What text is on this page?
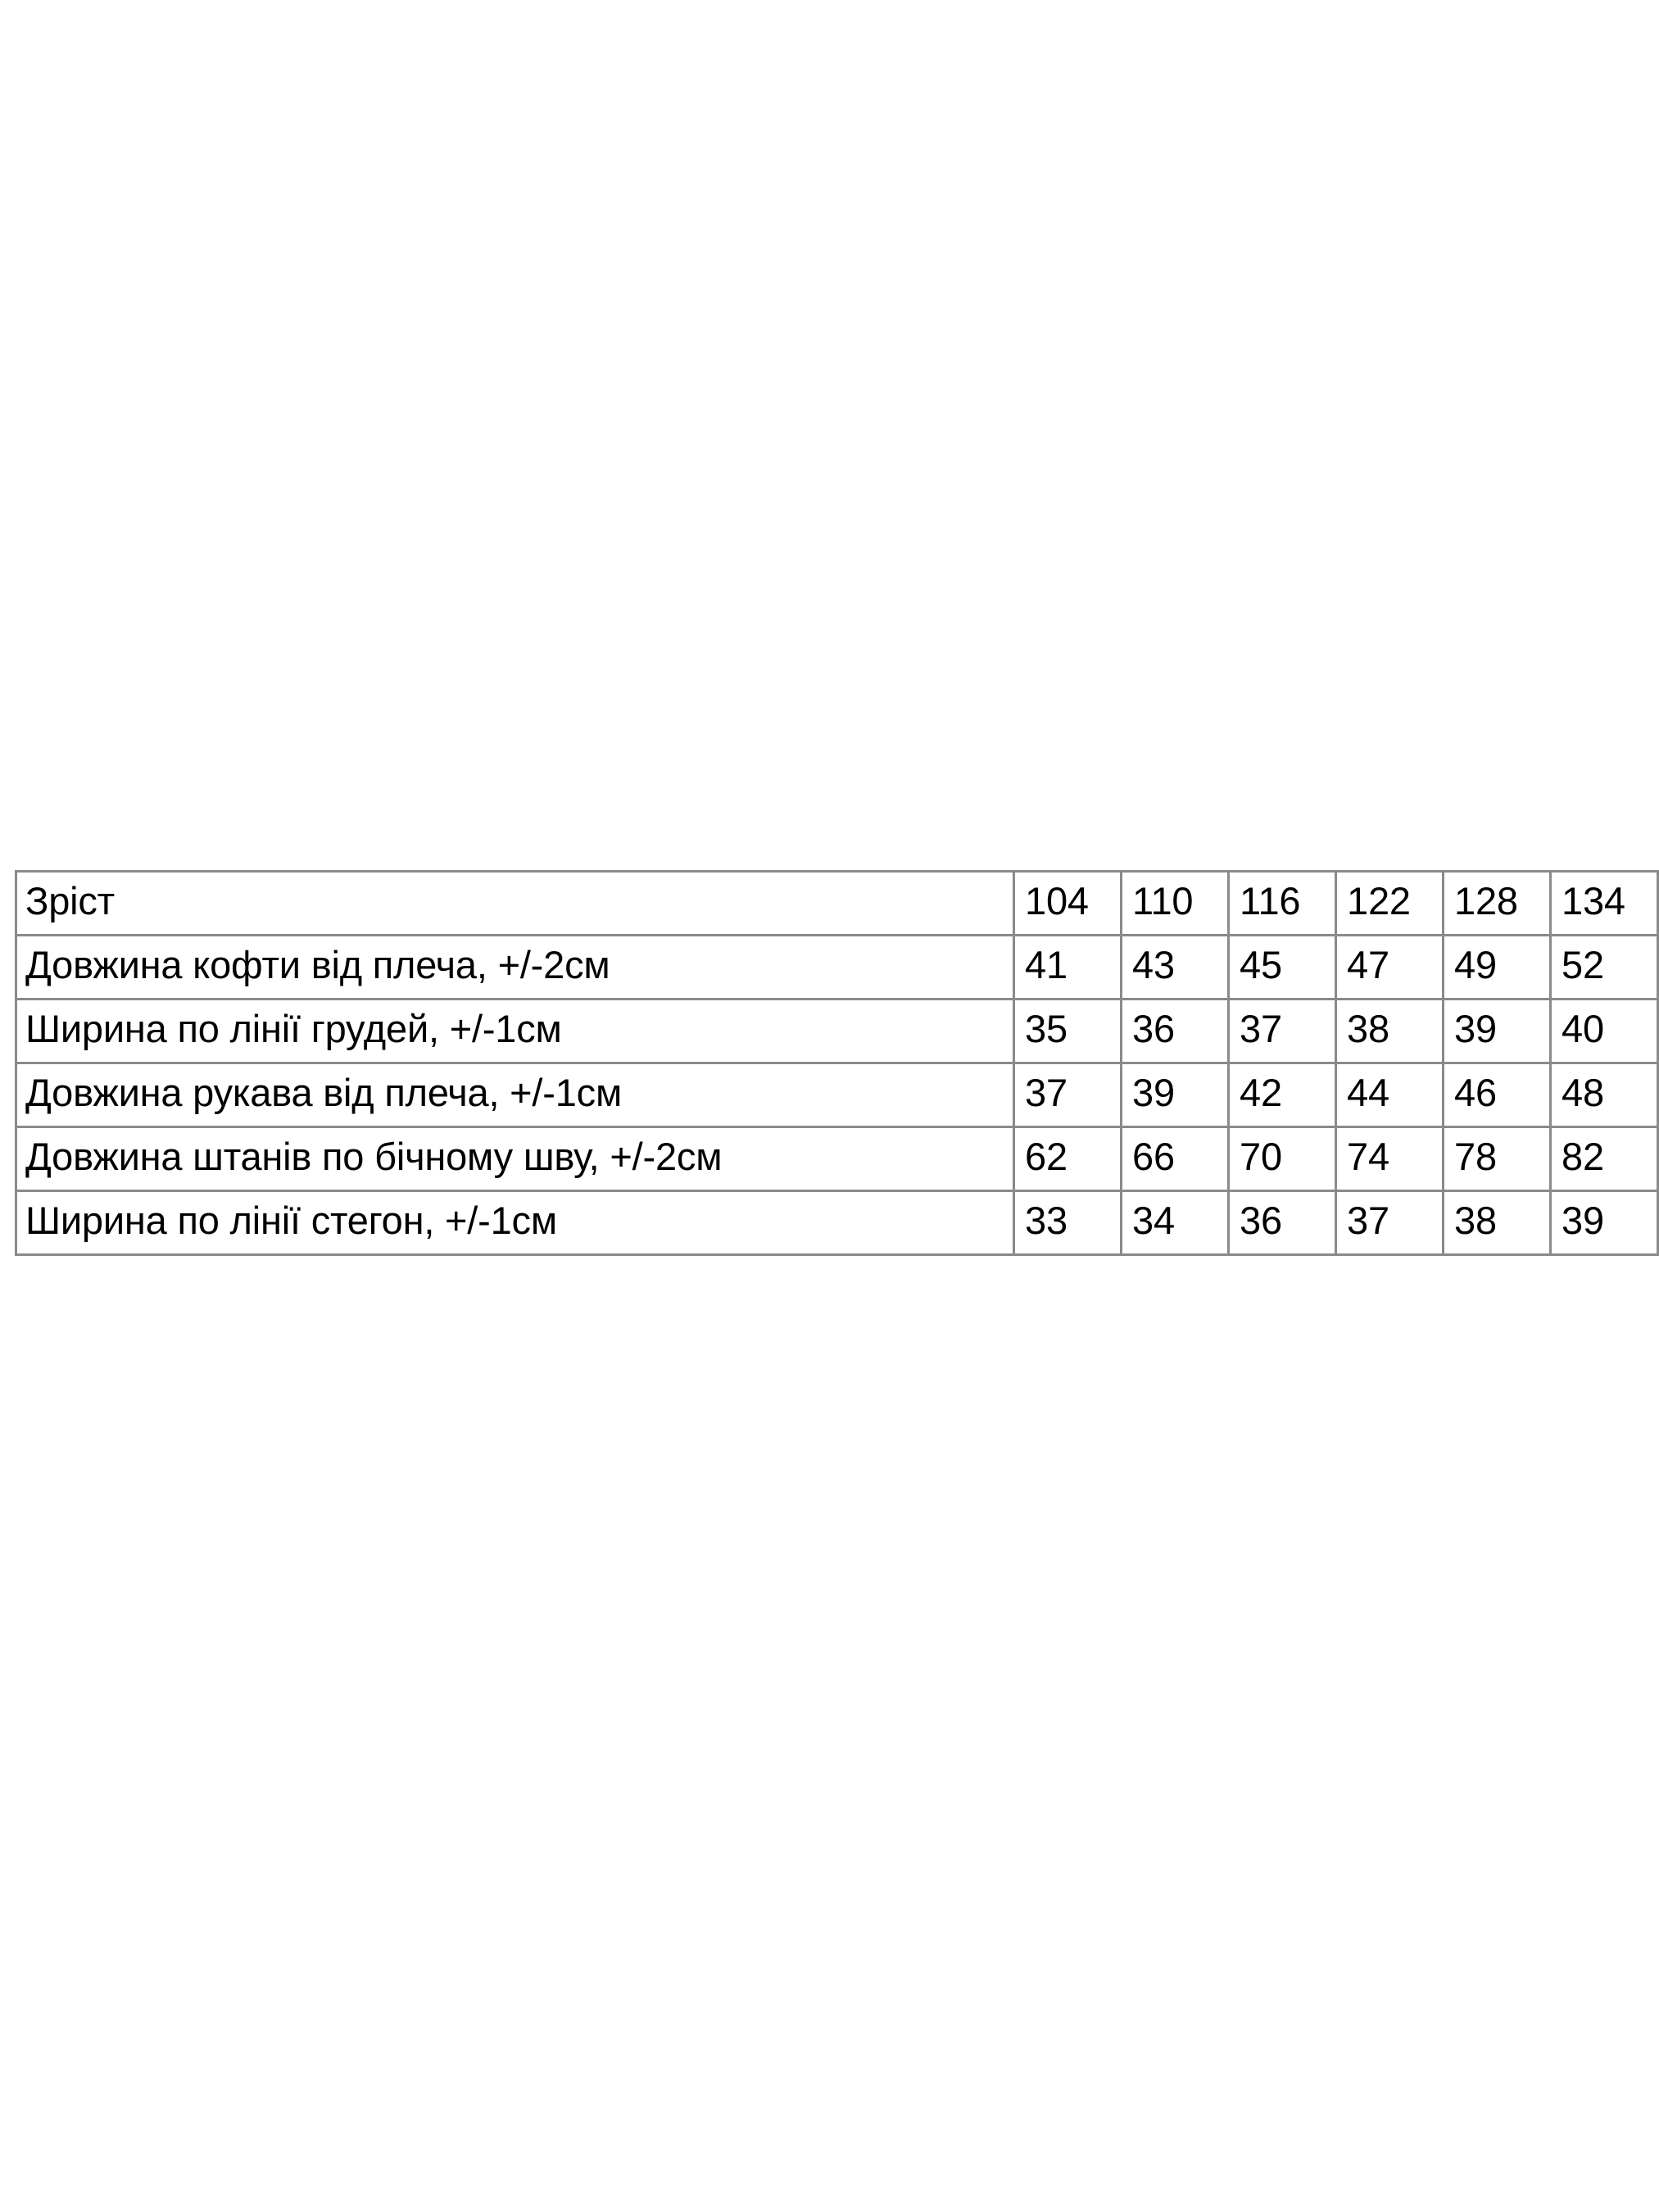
Зріст	104	110	116	122	128	134
Довжина кофти від плеча, +/-2см	41	43	45	47	49	52
Ширина по лінії грудей, +/-1см	35	36	37	38	39	40
Довжина рукава від плеча, +/-1см	37	39	42	44	46	48
Довжина штанів по бічному шву, +/-2см	62	66	70	74	78	82
Ширина по лінії стегон, +/-1см	33	34	36	37	38	39
